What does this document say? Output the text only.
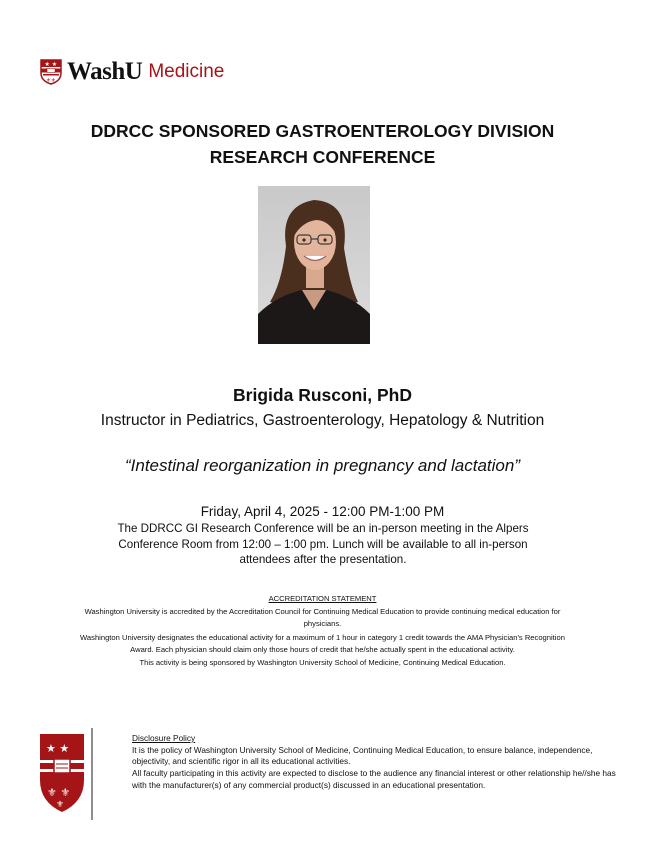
★ ★
⚜⚜ WashU Medicine
DDRCC SPONSORED GASTROENTEROLOGY DIVISION
RESEARCH CONFERENCE
Brigida Rusconi, PhD
Instructor in Pediatrics, Gastroenterology, Hepatology & Nutrition
“Intestinal reorganization in pregnancy and lactation”
Friday, April 4, 2025 - 12:00 PM-1:00 PM
The DDRCC GI Research Conference will be an in-person meeting in the Alpers Conference Room from 12:00 – 1:00 pm. Lunch will be available to all in-person attendees after the presentation.
ACCREDITATION STATEMENT
Washington University is accredited by the Accreditation Council for Continuing Medical Education to provide continuing medical education for physicians.
Washington University designates the educational activity for a maximum of 1 hour in category 1 credit towards the AMA Physician's Recognition Award. Each physician should claim only those hours of credit that he/she actually spent in the educational activity.
This activity is being sponsored by Washington University School of Medicine, Continuing Medical Education.
★ ★
⚜ ⚜
⚜

Disclosure Policy

It is the policy of Washington University School of Medicine, Continuing Medical Education, to ensure balance, independence, objectivity, and scientific rigor in all its educational activities.

All faculty participating in this activity are expected to disclose to the audience any financial interest or other relationship he//she has with the manufacturer(s) of any commercial product(s) discussed in an educational presentation.
